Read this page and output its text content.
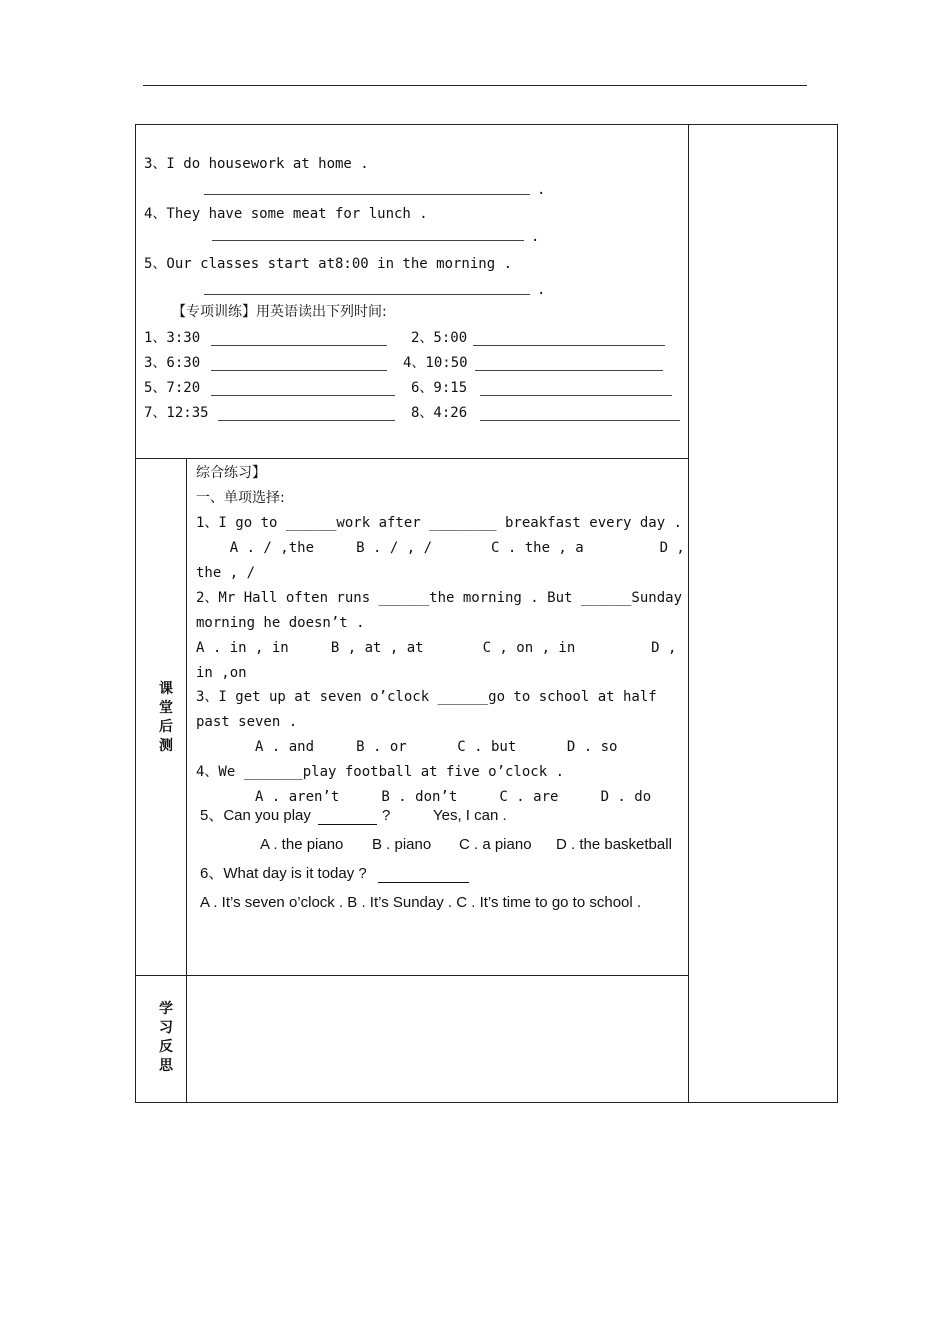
3、I do housework at home .
.
4、They have some meat for lunch .
.
5、Our classes start at8:00 in the morning .
.
【专项训练】用英语读出下列时间:
1、3:30	2、5:00
3、6:30	4、10:50
5、7:20	6、9:15
7、12:35	8、4:26
课
堂
后
测
综合练习】
一、单项选择:
1、I go to ______work after ________ breakfast every day .
A . / ,the     B . / , /       C . the , a         D ,
the , /
2、Mr Hall often runs ______the morning . But ______Sunday
morning he doesn’t .
A . in , in     B , at , at       C , on , in         D ,
in ,on
3、I get up at seven o’clock ______go to school at half
past seven .
A . and     B . or      C . but      D . so
4、We _______play football at five o’clock .
A . aren’t     B . don’t     C . are     D . do
5、Can you play	?	Yes, I can .
A . the piano B . piano C . a piano D . the basketball
6、What day is it today ?
A . It’s seven o’clock . B . It’s Sunday . C . It’s time to go to school .
学
习
反
思
